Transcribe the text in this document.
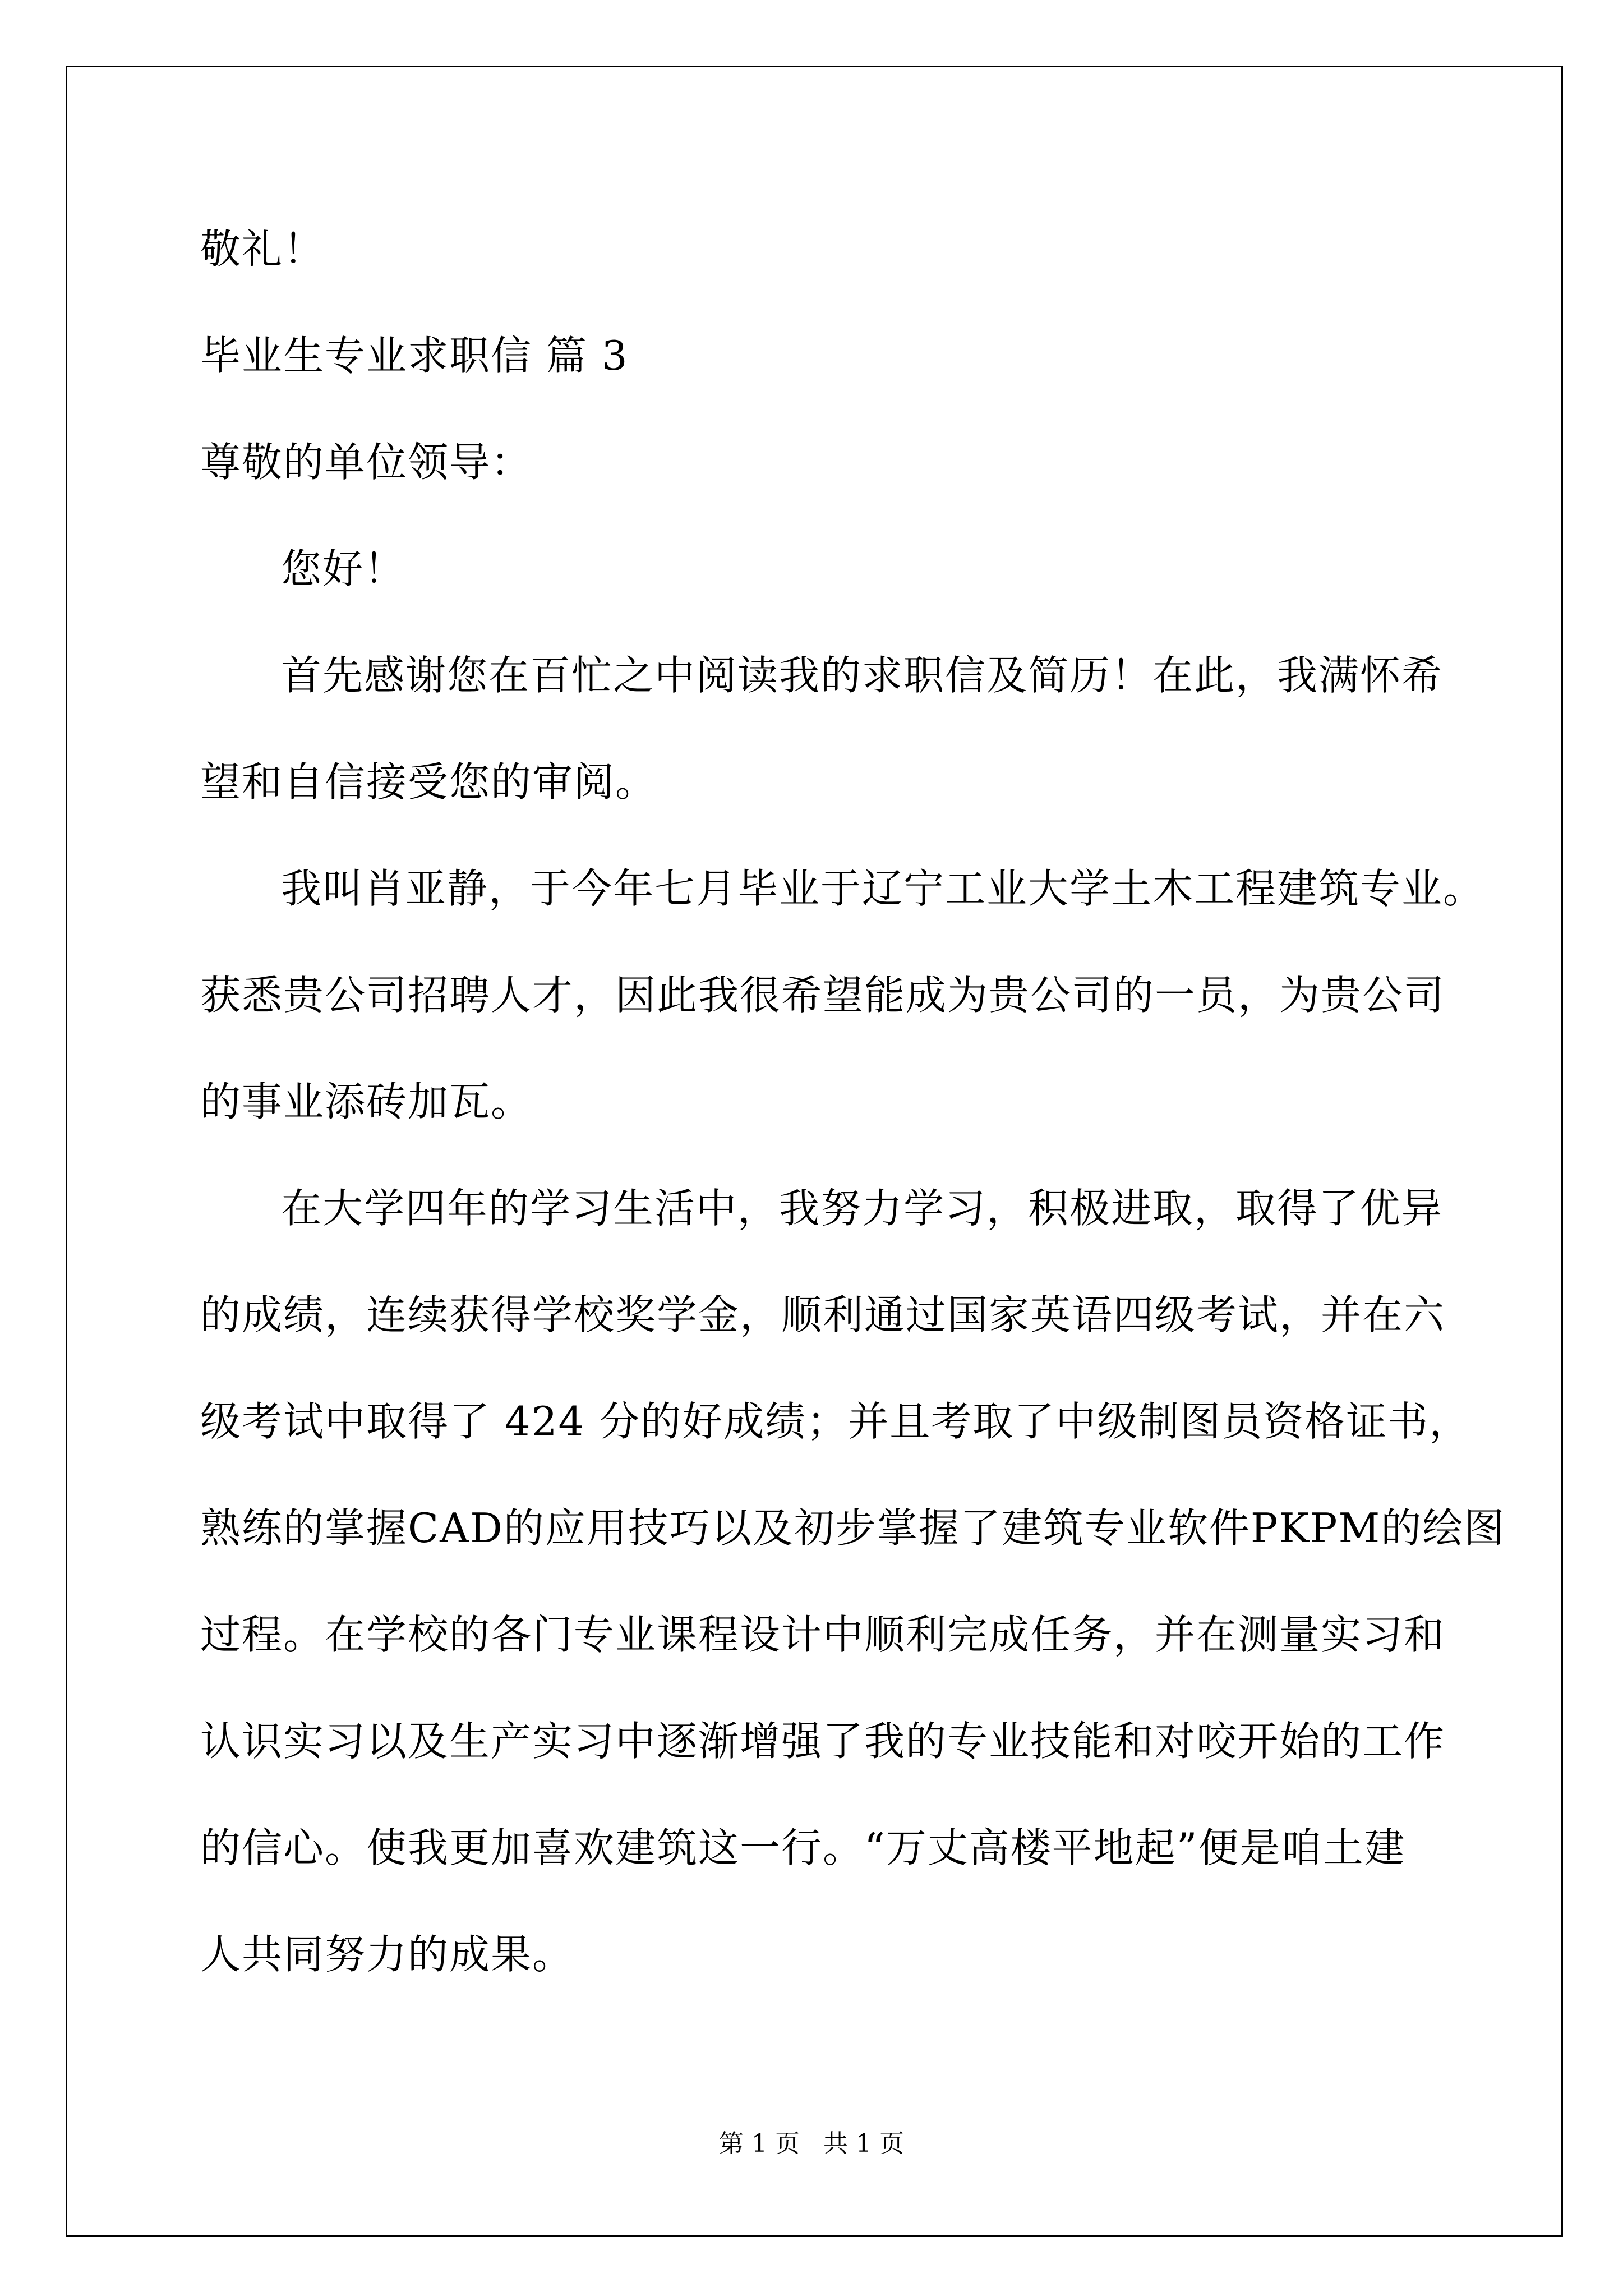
敬礼！
毕业生专业求职信 篇 3
尊敬的单位领导：
您好！
首先感谢您在百忙之中阅读我的求职信及简历！在此，我满怀希
望和自信接受您的审阅。
我叫肖亚静，于今年七月毕业于辽宁工业大学土木工程建筑专业。
获悉贵公司招聘人才，因此我很希望能成为贵公司的一员，为贵公司
的事业添砖加瓦。
在大学四年的学习生活中，我努力学习，积极进取，取得了优异
的成绩，连续获得学校奖学金，顺利通过国家英语四级考试，并在六
级考试中取得了 424 分的好成绩；并且考取了中级制图员资格证书，
熟练的掌握CAD的应用技巧以及初步掌握了建筑专业软件PKPM的绘图
过程。在学校的各门专业课程设计中顺利完成任务，并在测量实习和
认识实习以及生产实习中逐渐增强了我的专业技能和对咬开始的工作
的信心。使我更加喜欢建筑这一行。“万丈高楼平地起”便是咱土建
人共同努力的成果。
第 1 页   共 1 页
